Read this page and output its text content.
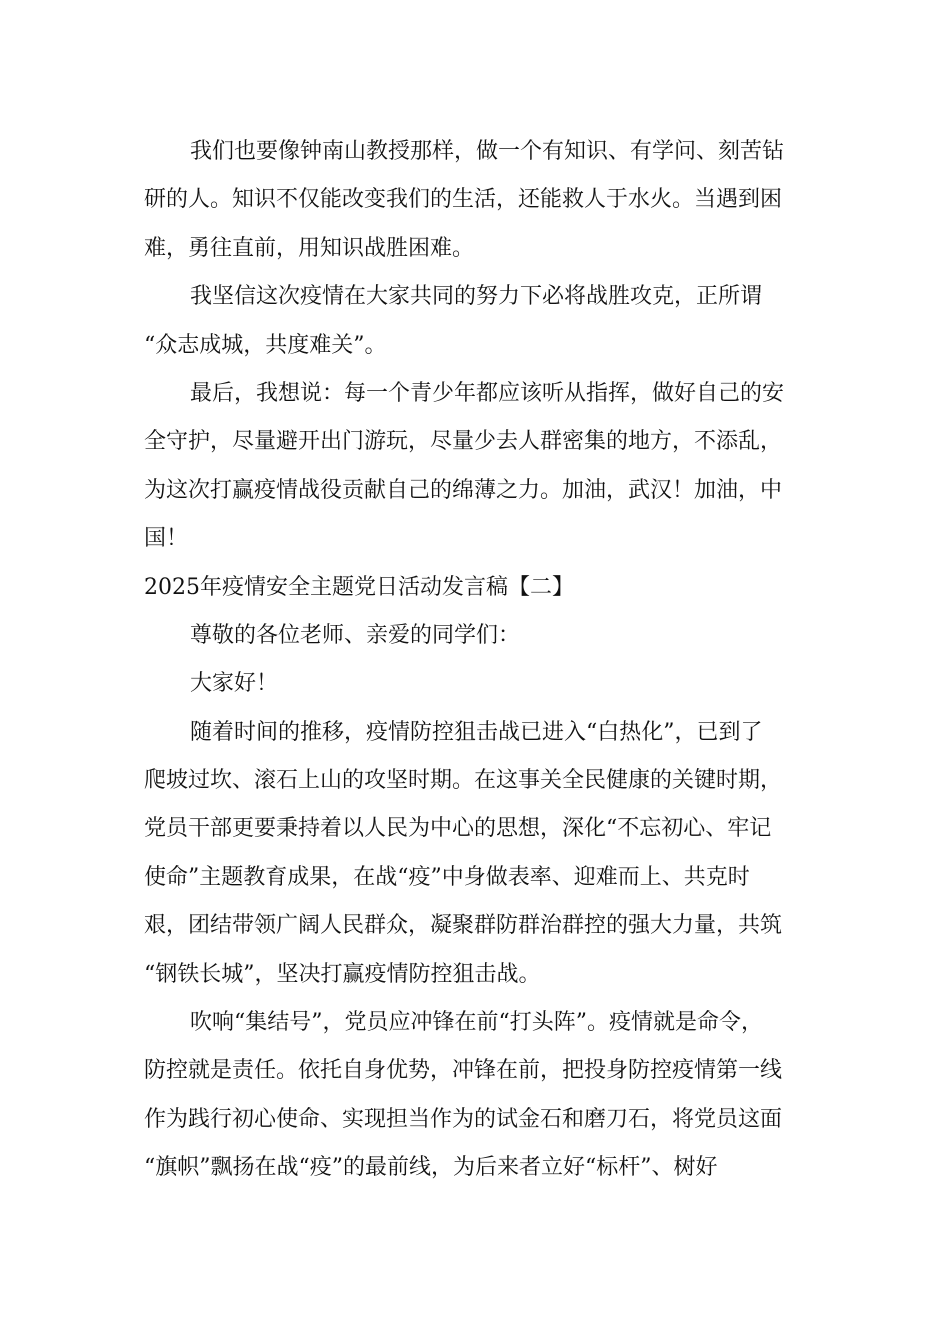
我们也要像钟南山教授那样，做一个有知识、有学问、刻苦钻
研的人。知识不仅能改变我们的生活，还能救人于水火。当遇到困
难，勇往直前，用知识战胜困难。
我坚信这次疫情在大家共同的努力下必将战胜攻克，正所谓
“众志成城，共度难关”。
最后，我想说：每一个青少年都应该听从指挥，做好自己的安
全守护，尽量避开出门游玩，尽量少去人群密集的地方，不添乱，
为这次打赢疫情战役贡献自己的绵薄之力。加油，武汉！加油，中
国！
2025年疫情安全主题党日活动发言稿【二】
尊敬的各位老师、亲爱的同学们：
大家好！
随着时间的推移，疫情防控狙击战已进入“白热化”，已到了
爬坡过坎、滚石上山的攻坚时期。在这事关全民健康的关键时期，
党员干部更要秉持着以人民为中心的思想，深化“不忘初心、牢记
使命”主题教育成果，在战“疫”中身做表率、迎难而上、共克时
艰，团结带领广阔人民群众，凝聚群防群治群控的强大力量，共筑
“钢铁长城”，坚决打赢疫情防控狙击战。
吹响“集结号”，党员应冲锋在前“打头阵”。疫情就是命令，
防控就是责任。依托自身优势，冲锋在前，把投身防控疫情第一线
作为践行初心使命、实现担当作为的试金石和磨刀石，将党员这面
“旗帜”飘扬在战“疫”的最前线，为后来者立好“标杆”、树好
